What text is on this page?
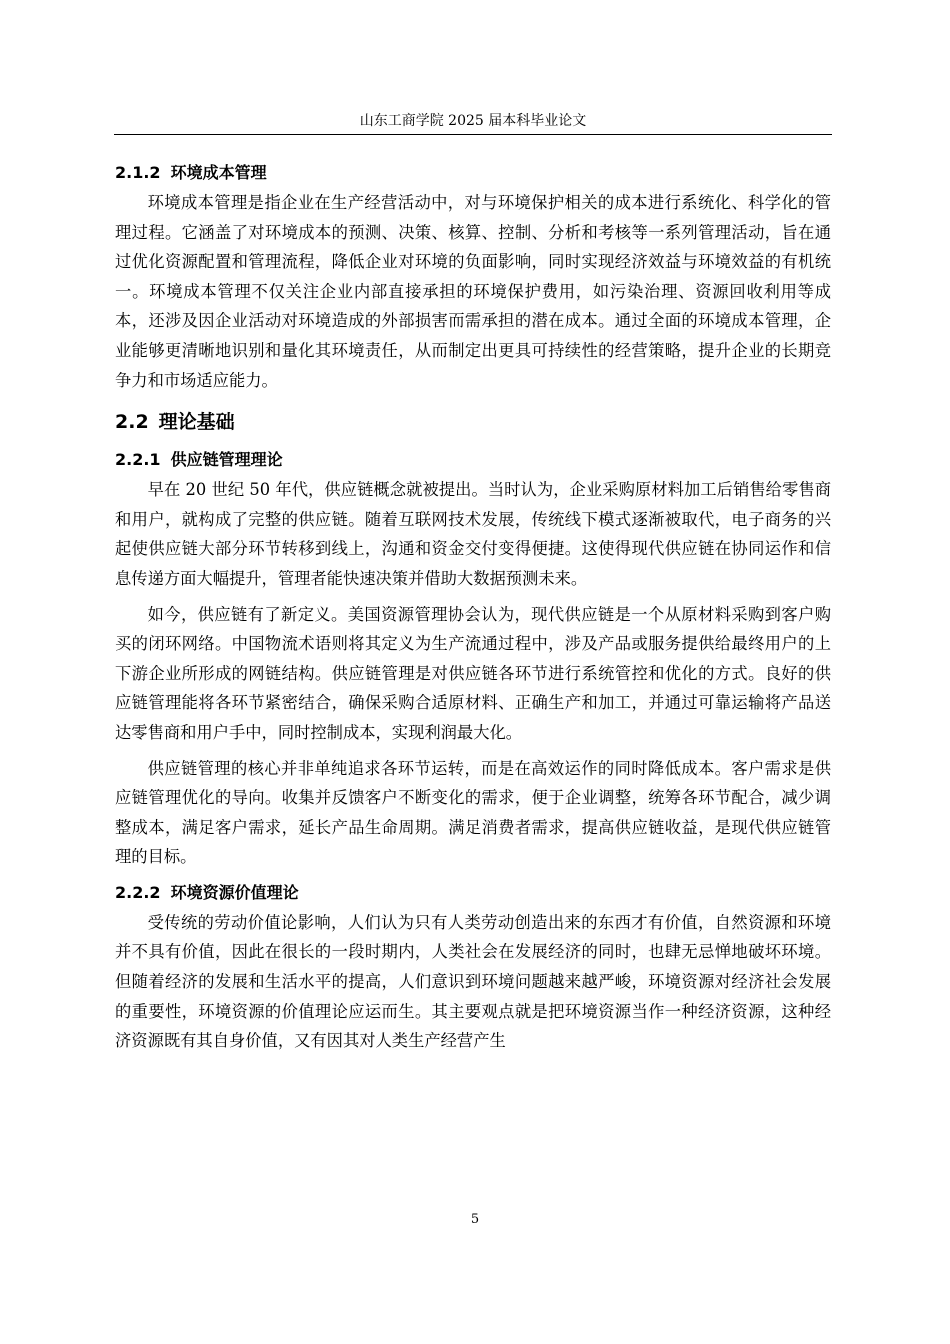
山东工商学院 2025 届本科毕业论文
2.1.2 环境成本管理

环境成本管理是指企业在生产经营活动中，对与环境保护相关的成本进行系统化、科学化的管理过程。它涵盖了对环境成本的预测、决策、核算、控制、分析和考核等一系列管理活动，旨在通过优化资源配置和管理流程，降低企业对环境的负面影响，同时实现经济效益与环境效益的有机统一。环境成本管理不仅关注企业内部直接承担的环境保护费用，如污染治理、资源回收利用等成本，还涉及因企业活动对环境造成的外部损害而需承担的潜在成本。通过全面的环境成本管理，企业能够更清晰地识别和量化其环境责任，从而制定出更具可持续性的经营策略，提升企业的长期竞争力和市场适应能力。

2.2 理论基础
2.2.1 供应链管理理论

早在 20 世纪 50 年代，供应链概念就被提出。当时认为，企业采购原材料加工后销售给零售商和用户，就构成了完整的供应链。随着互联网技术发展，传统线下模式逐渐被取代，电子商务的兴起使供应链大部分环节转移到线上，沟通和资金交付变得便捷。这使得现代供应链在协同运作和信息传递方面大幅提升，管理者能快速决策并借助大数据预测未来。

如今，供应链有了新定义。美国资源管理协会认为，现代供应链是一个从原材料采购到客户购买的闭环网络。中国物流术语则将其定义为生产流通过程中，涉及产品或服务提供给最终用户的上下游企业所形成的网链结构。供应链管理是对供应链各环节进行系统管控和优化的方式。良好的供应链管理能将各环节紧密结合，确保采购合适原材料、正确生产和加工，并通过可靠运输将产品送达零售商和用户手中，同时控制成本，实现利润最大化。

供应链管理的核心并非单纯追求各环节运转，而是在高效运作的同时降低成本。客户需求是供应链管理优化的导向。收集并反馈客户不断变化的需求，便于企业调整，统筹各环节配合，减少调整成本，满足客户需求，延长产品生命周期。满足消费者需求，提高供应链收益，是现代供应链管理的目标。

2.2.2 环境资源价值理论

受传统的劳动价值论影响，人们认为只有人类劳动创造出来的东西才有价值，自然资源和环境并不具有价值，因此在很长的一段时期内，人类社会在发展经济的同时，也肆无忌惮地破坏环境。但随着经济的发展和生活水平的提高，人们意识到环境问题越来越严峻，环境资源对经济社会发展的重要性，环境资源的价值理论应运而生。其主要观点就是把环境资源当作一种经济资源，这种经济资源既有其自身价值，又有因其对人类生产经营产生

5
